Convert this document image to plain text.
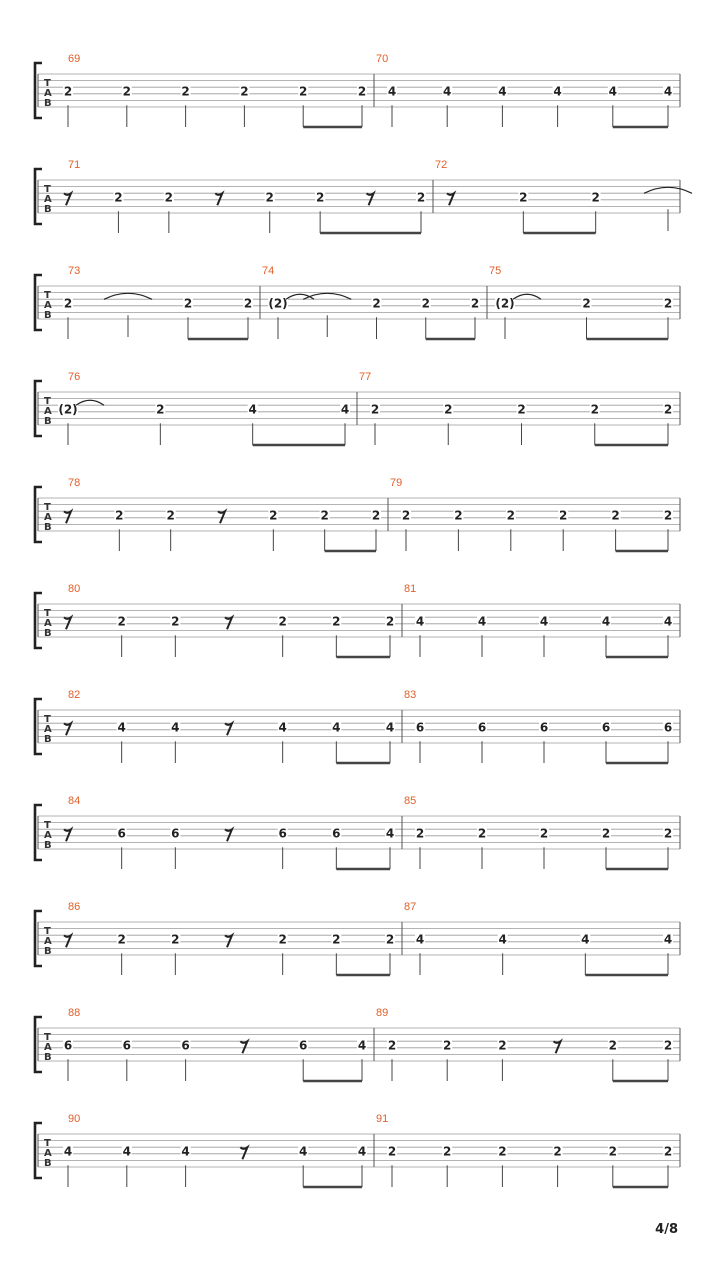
T
A
B
69
2	2	2	2	2	2
70
4	4	4	4	4	4
T
A
B
71
2	2	2	2	2
72
2	2
T
A
B
73
2	2	2
74
(2)	2	2	2
75
(2)	2	2
T
A
B
76
(2)	2	4	4
77
2	2	2	2	2
T
A
B
78
2	2	2	2	2
79
2	2	2	2	2	2
T
A
B
80
2	2	2	2	2
81
4	4	4	4	4
T
A
B
82
4	4	4	4	4
83
6	6	6	6	6
T
A
B
84
6	6	6	6	4
85
2	2	2	2	2
T
A
B
86
2	2	2	2	2
87
4	4	4	4
T
A
B
88
6	6	6	6	4
89
2	2	2	2	2
T
A
B
90
4	4	4	4	4
91
2	2	2	2	2	2
4/8
